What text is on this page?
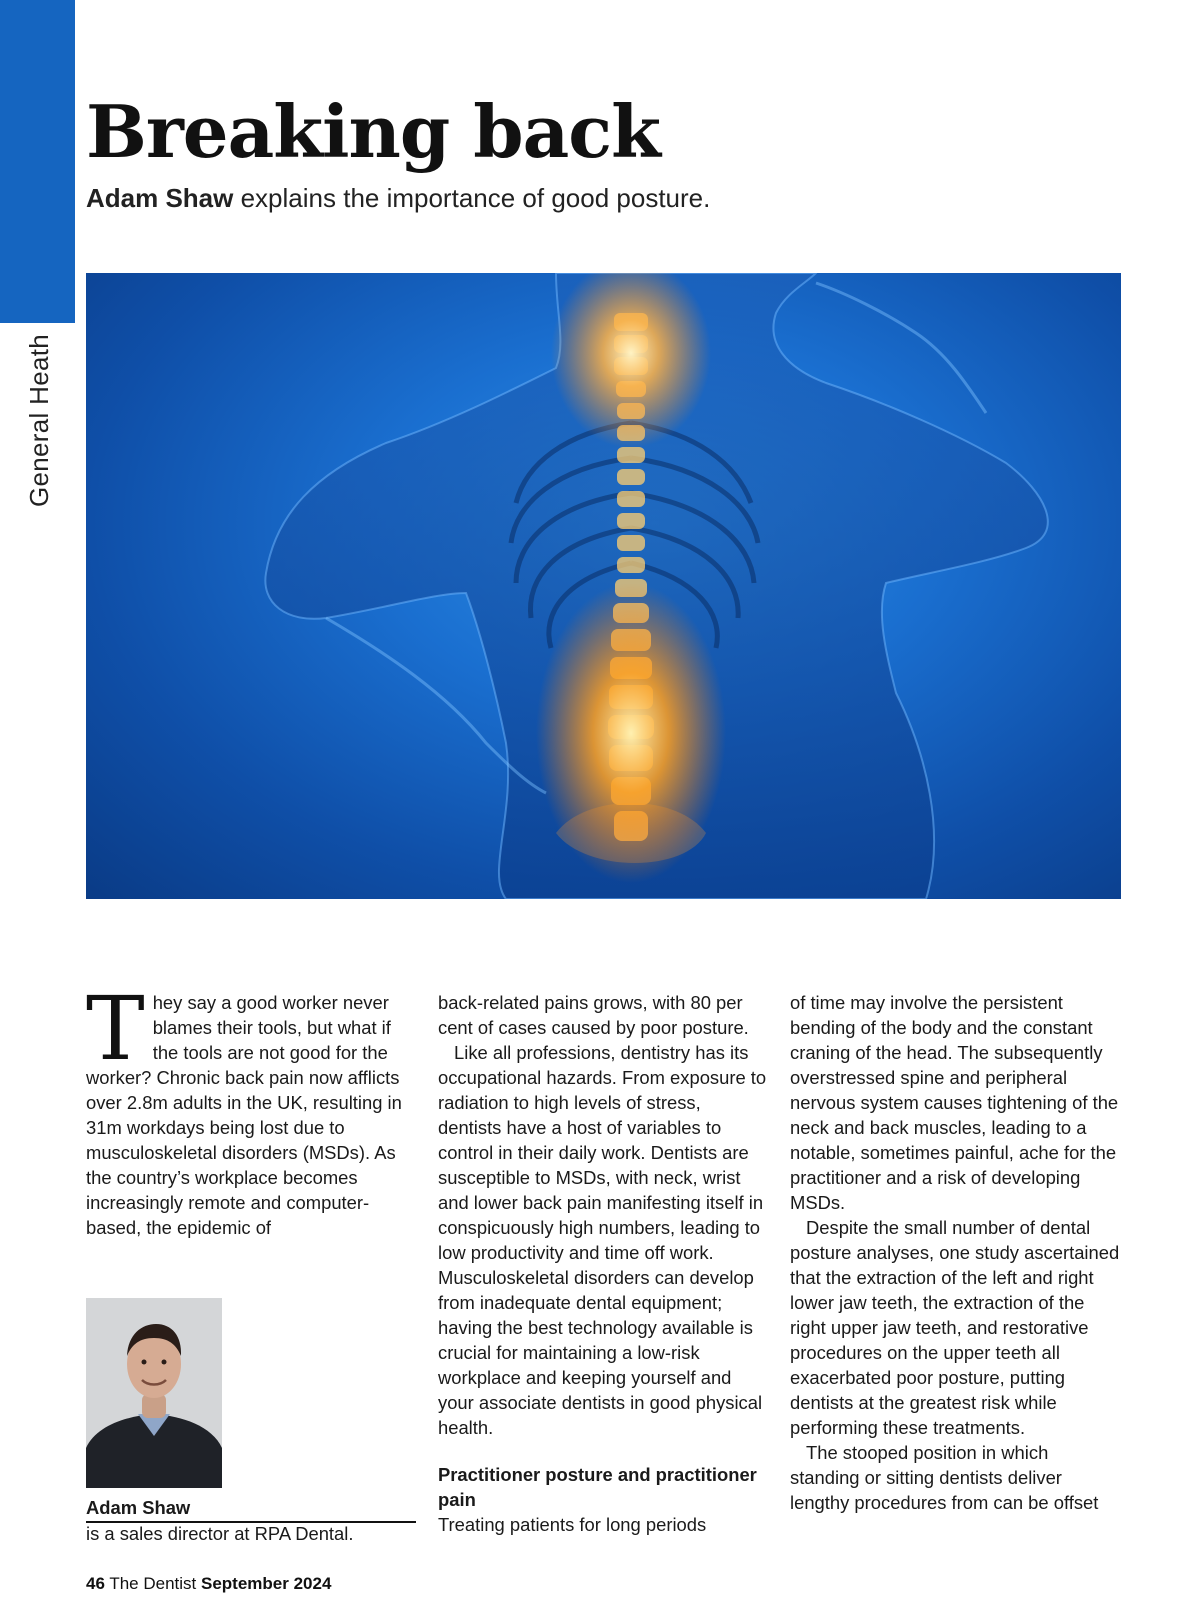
General Heath
Breaking back
Adam Shaw explains the importance of good posture.
T hey say a good worker never blames their tools, but what if the tools are not good for the worker? Chronic back pain now afflicts over 2.8m adults in the UK, resulting in 31m workdays being lost due to musculoskeletal disorders (MSDs). As the country’s workplace becomes increasingly remote and computer-based, the epidemic of

back-related pains grows, with 80 per cent of cases caused by poor posture.

Like all professions, dentistry has its occupational hazards. From exposure to radiation to high levels of stress, dentists have a host of variables to control in their daily work. Dentists are susceptible to MSDs, with neck, wrist and lower back pain manifesting itself in conspicuously high numbers, leading to low productivity and time off work. Musculoskeletal disorders can develop from inadequate dental equipment; having the best technology available is crucial for maintaining a low-risk workplace and keeping yourself and your associate dentists in good physical health.

Practitioner posture and practitioner pain

Treating patients for long periods

of time may involve the persistent bending of the body and the constant craning of the head. The subsequently overstressed spine and peripheral nervous system causes tightening of the neck and back muscles, leading to a notable, sometimes painful, ache for the practitioner and a risk of developing MSDs.

Despite the small number of dental posture analyses, one study ascertained that the extraction of the left and right lower jaw teeth, the extraction of the right upper jaw teeth, and restorative procedures on the upper teeth all exacerbated poor posture, putting dentists at the greatest risk while performing these treatments.

The stooped position in which standing or sitting dentists deliver lengthy procedures from can be offset

Adam Shaw
is a sales director at RPA Dental.
46 The Dentist September 2024
